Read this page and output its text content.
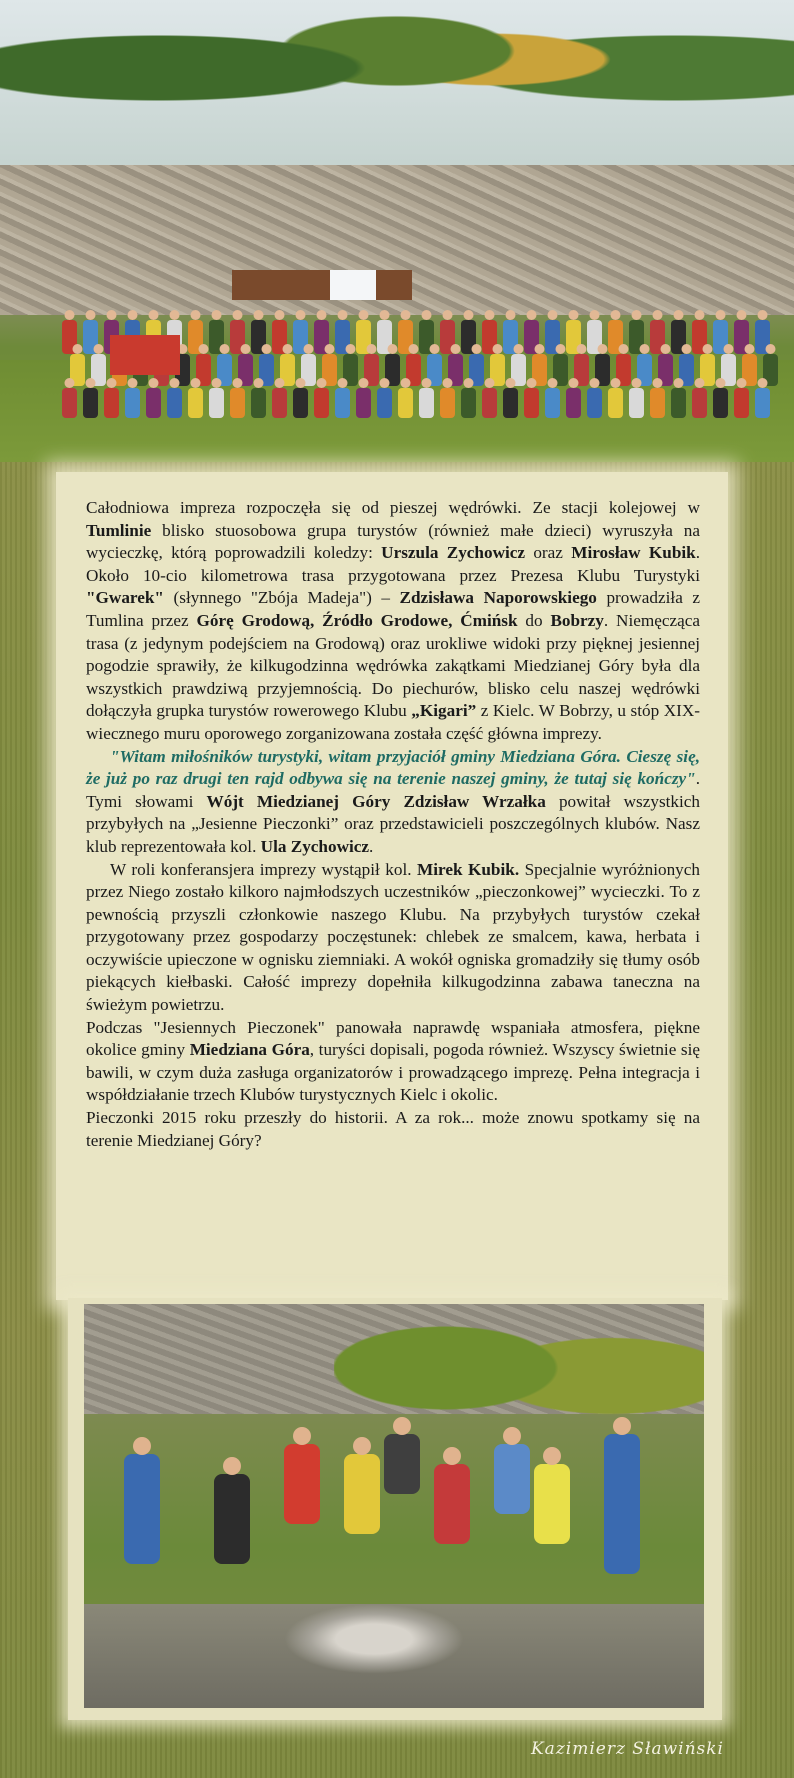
Całodniowa impreza rozpoczęła się od pieszej wędrówki. Ze stacji kolejowej w Tumlinie blisko stuosobowa grupa turystów (również małe dzieci) wyruszyła na wycieczkę, którą poprowadzili koledzy: Urszula Zychowicz oraz Mirosław Kubik. Około 10-cio kilometrowa trasa przygotowana przez Prezesa Klubu Turystyki "Gwarek" (słynnego "Zbója Madeja") – Zdzisława Naporowskiego prowadziła z Tumlina przez Górę Grodową, Źródło Grodowe, Ćmińsk do Bobrzy. Niemęcząca trasa (z jedynym podejściem na Grodową) oraz urokliwe widoki przy pięknej jesiennej pogodzie sprawiły, że kilkugodzinna wędrówka zakątkami Miedzianej Góry była dla wszystkich prawdziwą przyjemnością. Do piechurów, blisko celu naszej wędrówki dołączyła grupka turystów rowerowego Klubu „Kigari” z Kielc. W Bobrzy, u stóp XIX-wiecznego muru oporowego zorganizowana została część główna imprezy.

"Witam miłośników turystyki, witam przyjaciół gminy Miedziana Góra. Cieszę się, że już po raz drugi ten rajd odbywa się na terenie naszej gminy, że tutaj się kończy". Tymi słowami Wójt Miedzianej Góry Zdzisław Wrzałka powitał wszystkich przybyłych na „Jesienne Pieczonki” oraz przedstawicieli poszczególnych klubów. Nasz klub reprezentowała kol. Ula Zychowicz.

W roli konferansjera imprezy wystąpił kol. Mirek Kubik. Specjalnie wyróżnionych przez Niego zostało kilkoro najmłodszych uczestników „pieczonkowej” wycieczki. To z pewnością przyszli członkowie naszego Klubu. Na przybyłych turystów czekał przygotowany przez gospodarzy poczęstunek: chlebek ze smalcem, kawa, herbata i oczywiście upieczone w ognisku ziemniaki. A wokół ogniska gromadziły się tłumy osób piekących kiełbaski. Całość imprezy dopełniła kilkugodzinna zabawa taneczna na świeżym powietrzu.

Podczas "Jesiennych Pieczonek" panowała naprawdę wspaniała atmosfera, piękne okolice gminy Miedziana Góra, turyści dopisali, pogoda również. Wszyscy świetnie się bawili, w czym duża zasługa organizatorów i prowadzącego imprezę. Pełna integracja i współdziałanie trzech Klubów turystycznych Kielc i okolic.

Pieczonki 2015 roku przeszły do historii. A za rok... może znowu spotkamy się na terenie Miedzianej Góry?

Kazimierz Sławiński
